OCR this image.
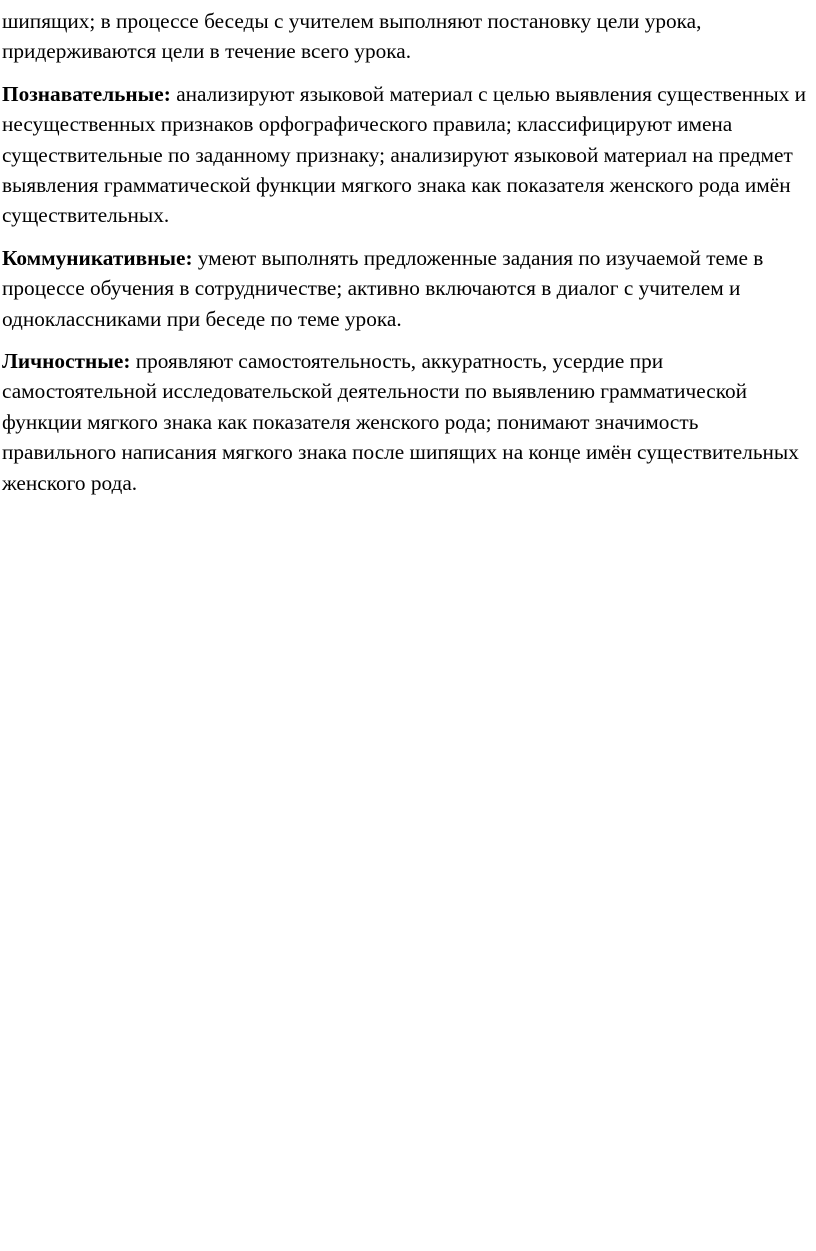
шипящих; в процессе беседы с учителем выполняют постановку цели урока, придерживаются цели в течение всего урока.

Познавательные: анализируют языковой материал с целью выявления существенных и несущественных признаков орфографического правила; классифицируют имена существительные по заданному признаку; анализируют языковой материал на предмет выявления грамматической функции мягкого знака как показателя женского рода имён существительных.

Коммуникативные: умеют выполнять предложенные задания по изучаемой теме в процессе обучения в сотрудничестве; активно включаются в диалог с учителем и одноклассниками при беседе по теме урока.

Личностные: проявляют самостоятельность, аккуратность, усердие при самостоятельной исследовательской деятельности по выявлению грамматической функции мягкого знака как показателя женского рода; понимают значимость правильного написания мягкого знака после шипящих на конце имён существительных женского рода.
